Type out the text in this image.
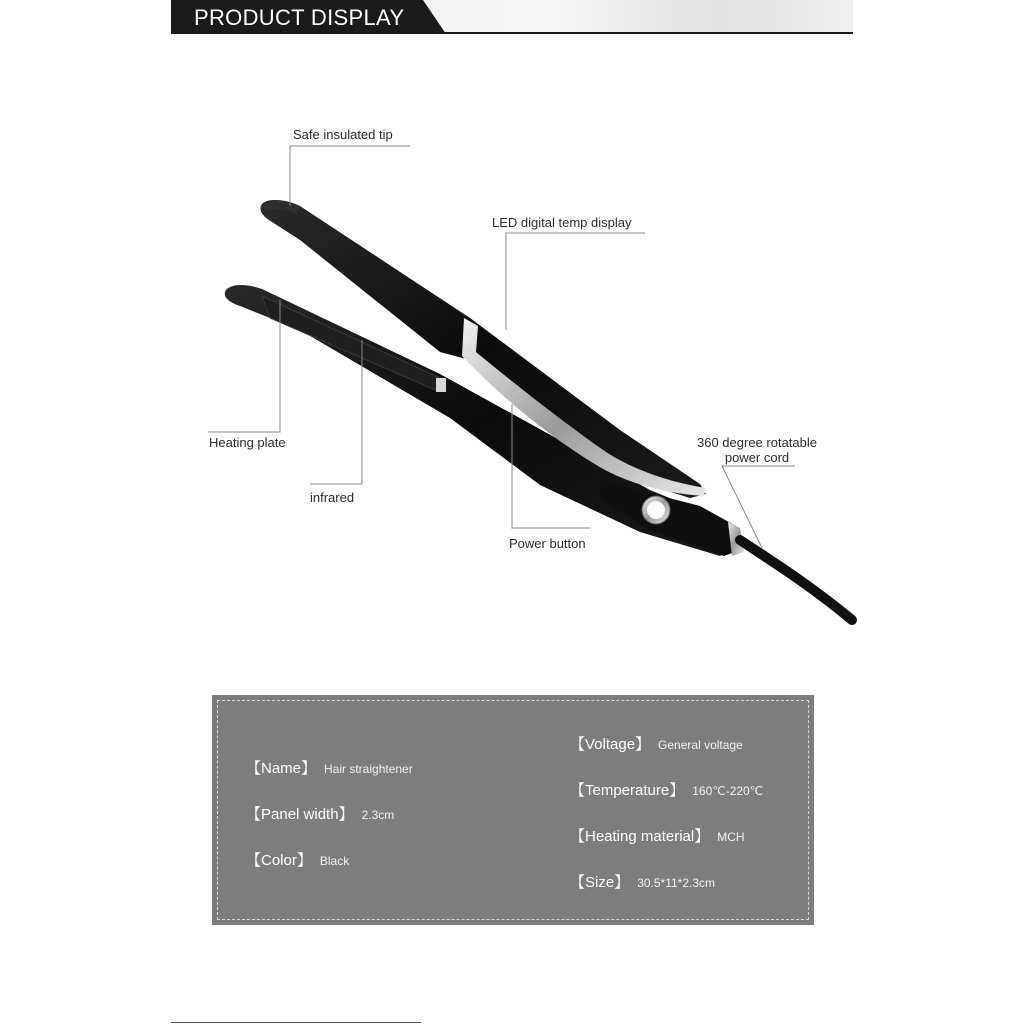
PRODUCT DISPLAY
Safe insulated tip
LED digital temp display
Heating plate
infrared
Power button
360 degree rotatable
power cord
【Name】 Hair straightener
【Panel width】 2.3cm
【Color】 Black
【Voltage】 General voltage
【Temperature】 160℃-220℃
【Heating material】 MCH
【Size】 30.5*11*2.3cm
